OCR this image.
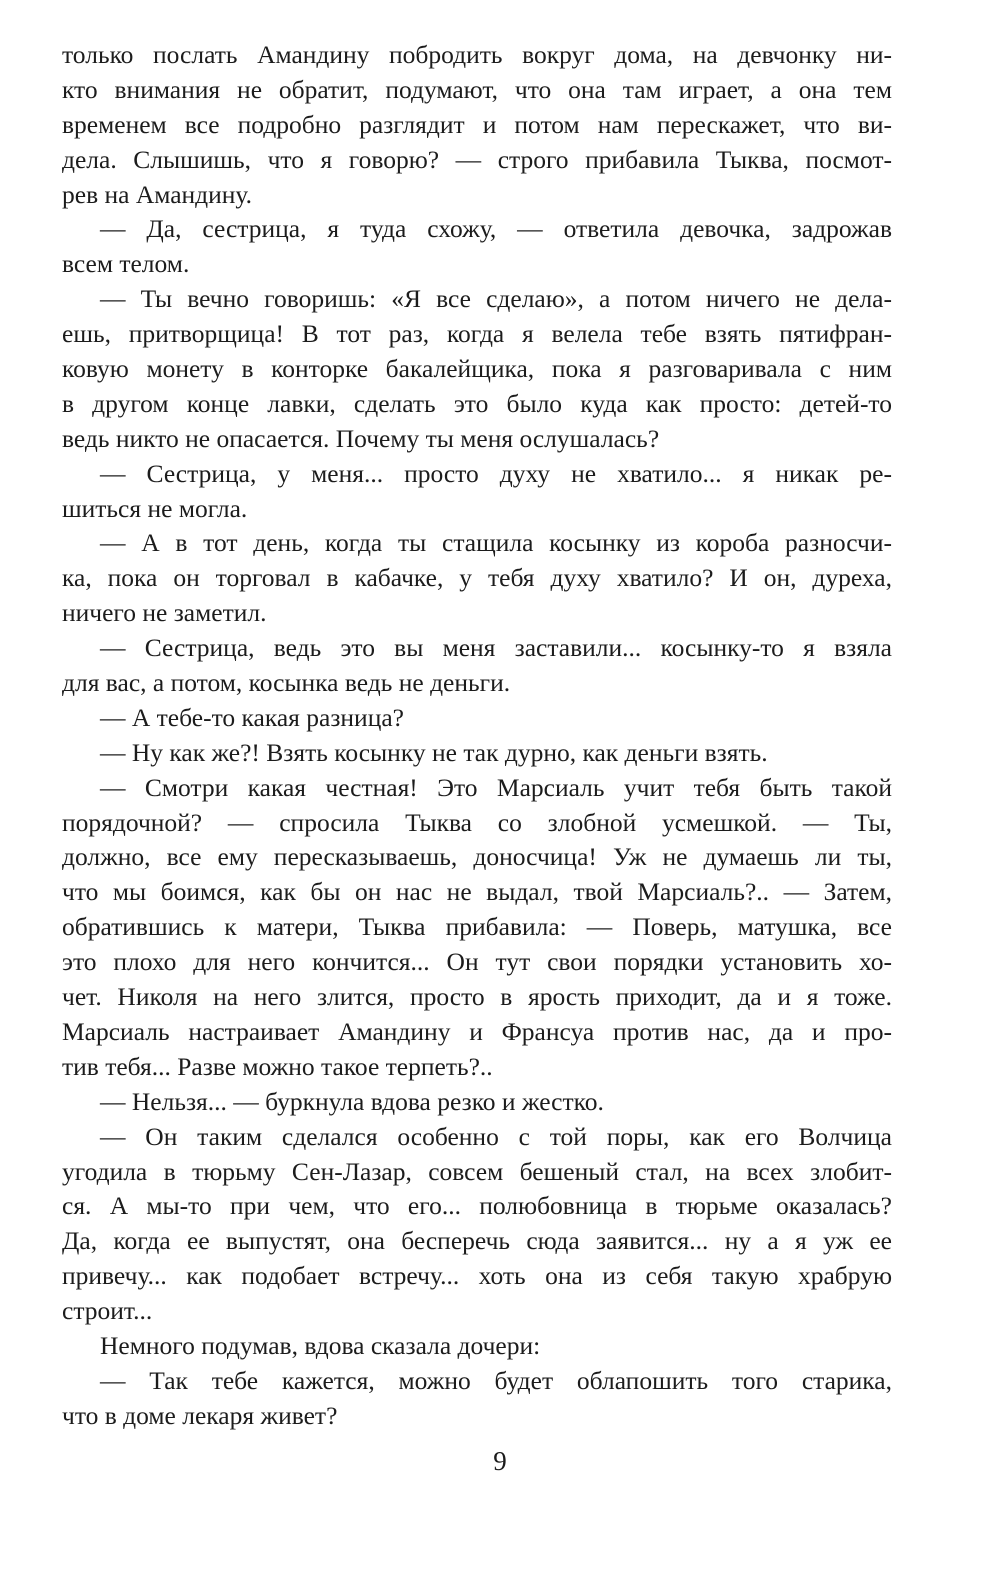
только послать Амандину побродить вокруг дома, на девчонку ни-
кто внимания не обратит, подумают, что она там играет, а она тем
временем все подробно разглядит и потом нам перескажет, что ви-
дела. Слышишь, что я говорю? — строго прибавила Тыква, посмот-
рев на Амандину.
— Да, сестрица, я туда схожу, — ответила девочка, задрожав
всем телом.
— Ты вечно говоришь: «Я все сделаю», а потом ничего не дела-
ешь, притворщица! В тот раз, когда я велела тебе взять пятифран-
ковую монету в конторке бакалейщика, пока я разговаривала с ним
в другом конце лавки, сделать это было куда как просто: детей-то
ведь никто не опасается. Почему ты меня ослушалась?
— Сестрица, у меня... просто духу не хватило... я никак ре-
шиться не могла.
— А в тот день, когда ты стащила косынку из короба разносчи-
ка, пока он торговал в кабачке, у тебя духу хватило? И он, дуреха,
ничего не заметил.
— Сестрица, ведь это вы меня заставили... косынку-то я взяла
для вас, а потом, косынка ведь не деньги.
— А тебе-то какая разница?
— Ну как же?! Взять косынку не так дурно, как деньги взять.
— Смотри какая честная! Это Марсиаль учит тебя быть такой
порядочной? — спросила Тыква со злобной усмешкой. — Ты,
должно, все ему пересказываешь, доносчица! Уж не думаешь ли ты,
что мы боимся, как бы он нас не выдал, твой Марсиаль?.. — Затем,
обратившись к матери, Тыква прибавила: — Поверь, матушка, все
это плохо для него кончится... Он тут свои порядки установить хо-
чет. Николя на него злится, просто в ярость приходит, да и я тоже.
Марсиаль настраивает Амандину и Франсуа против нас, да и про-
тив тебя... Разве можно такое терпеть?..
— Нельзя... — буркнула вдова резко и жестко.
— Он таким сделался особенно с той поры, как его Волчица
угодила в тюрьму Сен-Лазар, совсем бешеный стал, на всех злобит-
ся. А мы-то при чем, что его... полюбовница в тюрьме оказалась?
Да, когда ее выпустят, она бесперечь сюда заявится... ну а я уж ее
привечу... как подобает встречу... хоть она из себя такую храбрую
строит...
Немного подумав, вдова сказала дочери:
— Так тебе кажется, можно будет облапошить того старика,
что в доме лекаря живет?
9
